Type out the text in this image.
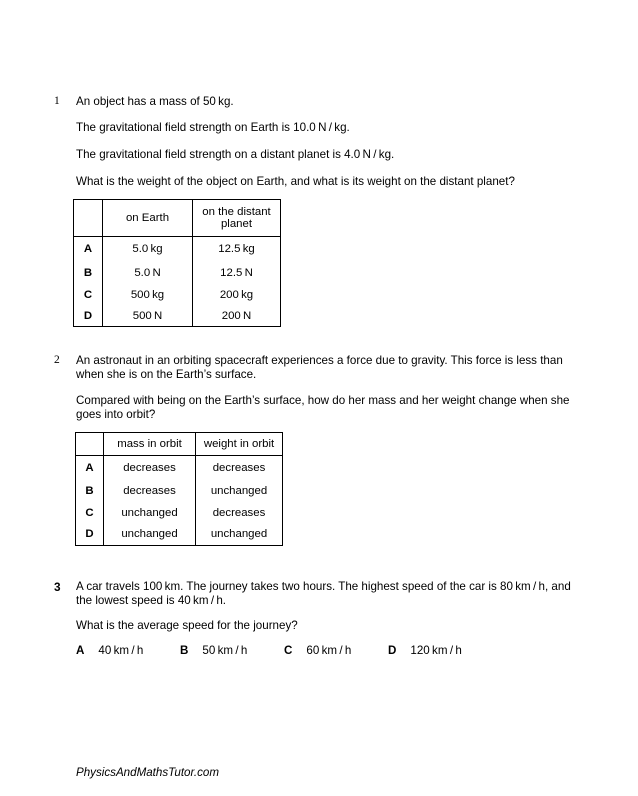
1 An object has a mass of 50 kg.
The gravitational field strength on Earth is 10.0 N / kg.
The gravitational field strength on a distant planet is 4.0 N / kg.
What is the weight of the object on Earth, and what is its weight on the distant planet?
	on Earth	on the distant planet
A	5.0 kg	12.5 kg
B	5.0 N	12.5 N
C	500 kg	200 kg
D	500 N	200 N
2 An astronaut in an orbiting spacecraft experiences a force due to gravity. This force is less than when she is on the Earth’s surface.
Compared with being on the Earth’s surface, how do her mass and her weight change when she goes into orbit?
	mass in orbit	weight in orbit
A	decreases	decreases
B	decreases	unchanged
C	unchanged	decreases
D	unchanged	unchanged
3 A car travels 100 km. The journey takes two hours. The highest speed of the car is 80 km / h, and the lowest speed is 40 km / h.
What is the average speed for the journey?
A 40 km / h	B 50 km / h	C 60 km / h	D 120 km / h
PhysicsAndMathsTutor.com
